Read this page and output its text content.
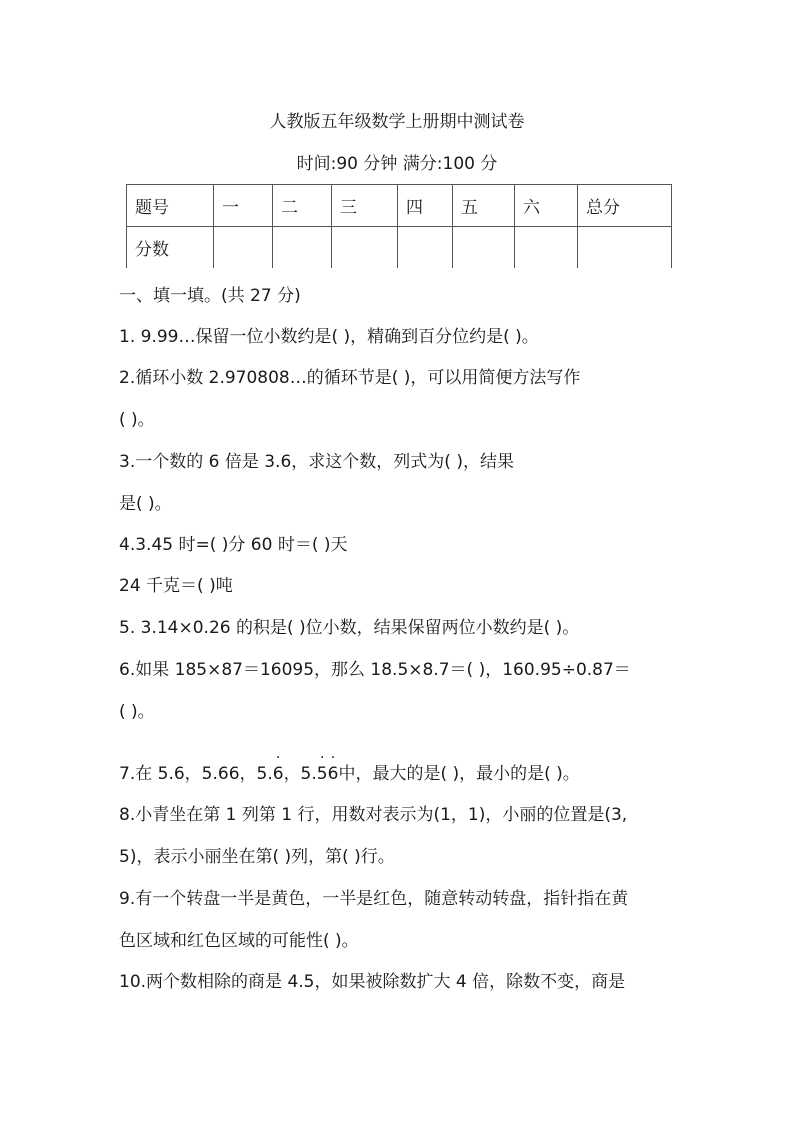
人教版五年级数学上册期中测试卷
时间:90 分钟 满分:100 分
题号	一	二	三	四	五	六	总分
分数							
一、填一填。(共 27 分)
1. 9.99…保留一位小数约是( )，精确到百分位约是( )。
2.循环小数 2.970808…的循环节是( )，可以用简便方法写作
( )。
3.一个数的 6 倍是 3.6，求这个数，列式为( )，结果
是( )。
4.3.45 时=( )分 60 时＝( )天
24 千克＝( )吨
5. 3.14×0.26 的积是( )位小数，结果保留两位小数约是( )。
6.如果 185×87＝16095，那么 18.5×8.7＝( )，160.95÷0.87＝
( )。
7.在 5.6，5.66，5.
·
6，5.
·
5
·
6中，最大的是( )，最小的是( )。
8.小青坐在第 1 列第 1 行，用数对表示为(1，1)，小丽的位置是(3,
5)，表示小丽坐在第( )列，第( )行。
9.有一个转盘一半是黄色，一半是红色，随意转动转盘，指针指在黄
色区域和红色区域的可能性( )。
10.两个数相除的商是 4.5，如果被除数扩大 4 倍，除数不变，商是
